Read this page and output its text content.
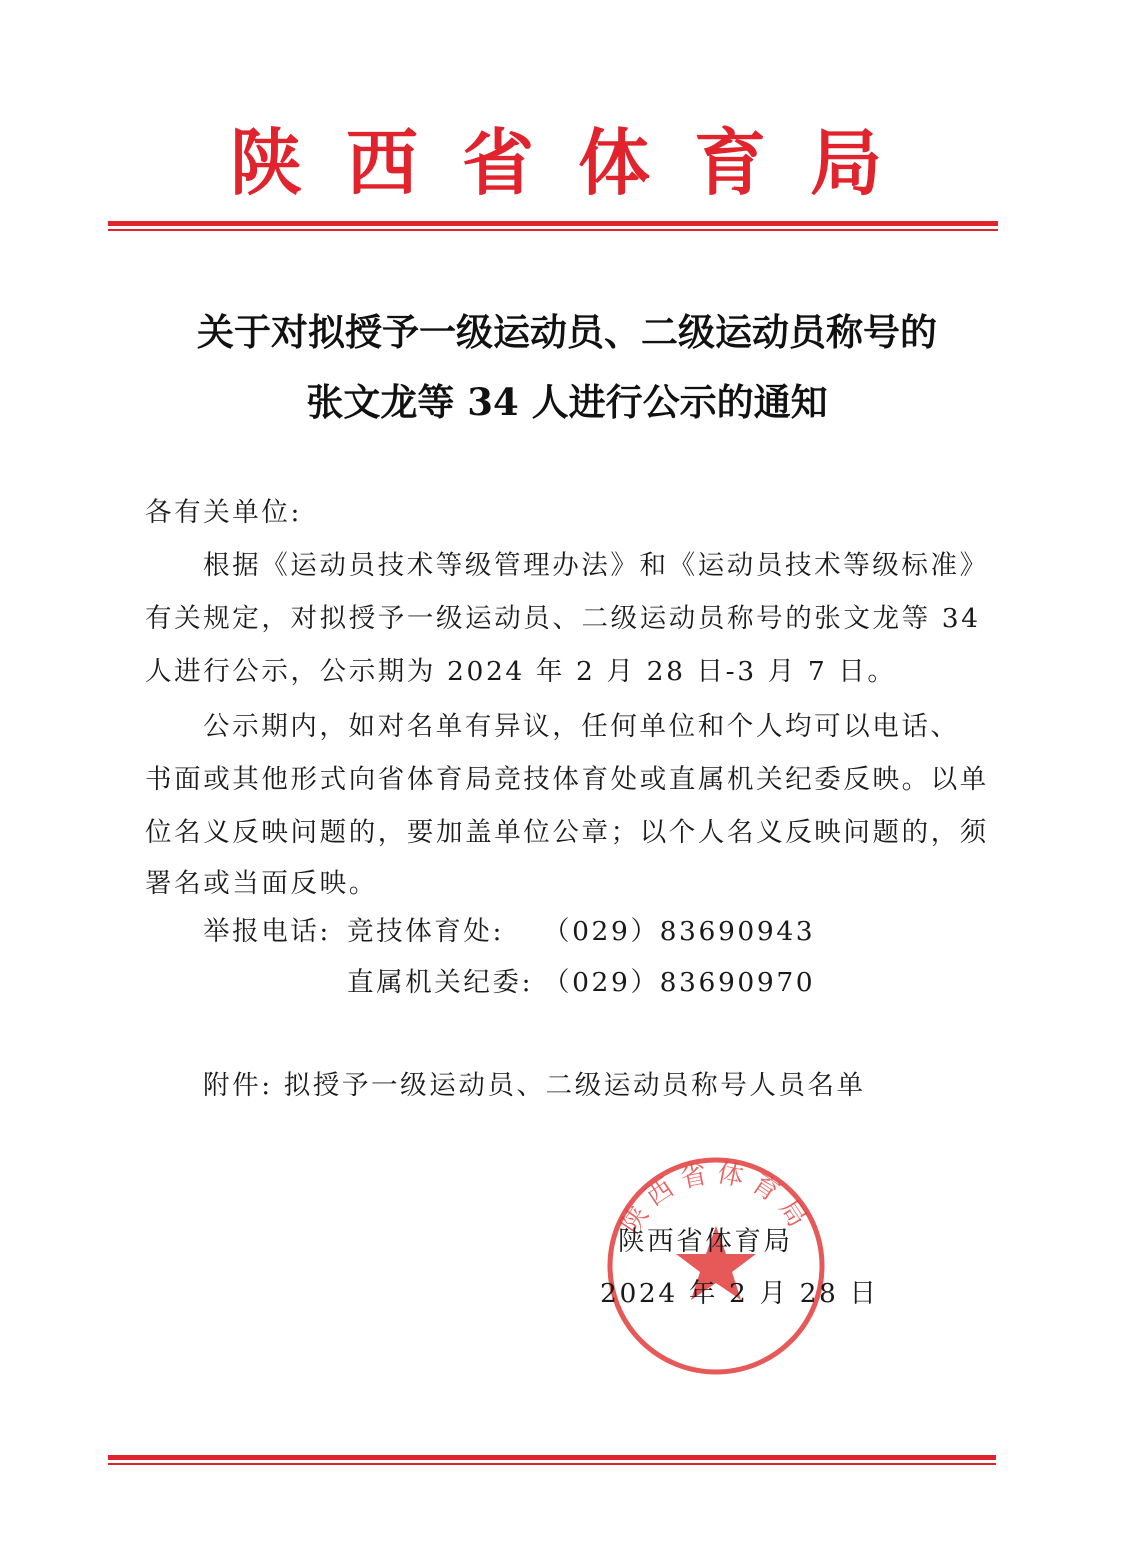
陕西省体育局
关于对拟授予一级运动员、二级运动员称号的
张文龙等 34 人进行公示的通知
各有关单位:
根据《运动员技术等级管理办法》和《运动员技术等级标准》
有关规定，对拟授予一级运动员、二级运动员称号的张文龙等 34
人进行公示，公示期为 2024 年 2 月 28 日-3 月 7 日。
公示期内，如对名单有异议，任何单位和个人均可以电话、
书面或其他形式向省体育局竞技体育处或直属机关纪委反映。以单
位名义反映问题的，要加盖单位公章；以个人名义反映问题的，须
署名或当面反映。
举报电话: 竞技体育处: （029）83690943
直属机关纪委: （029）83690970
附件: 拟授予一级运动员、二级运动员称号人员名单
陕西省体育局
陕西省体育局
2024 年 2 月 28 日
